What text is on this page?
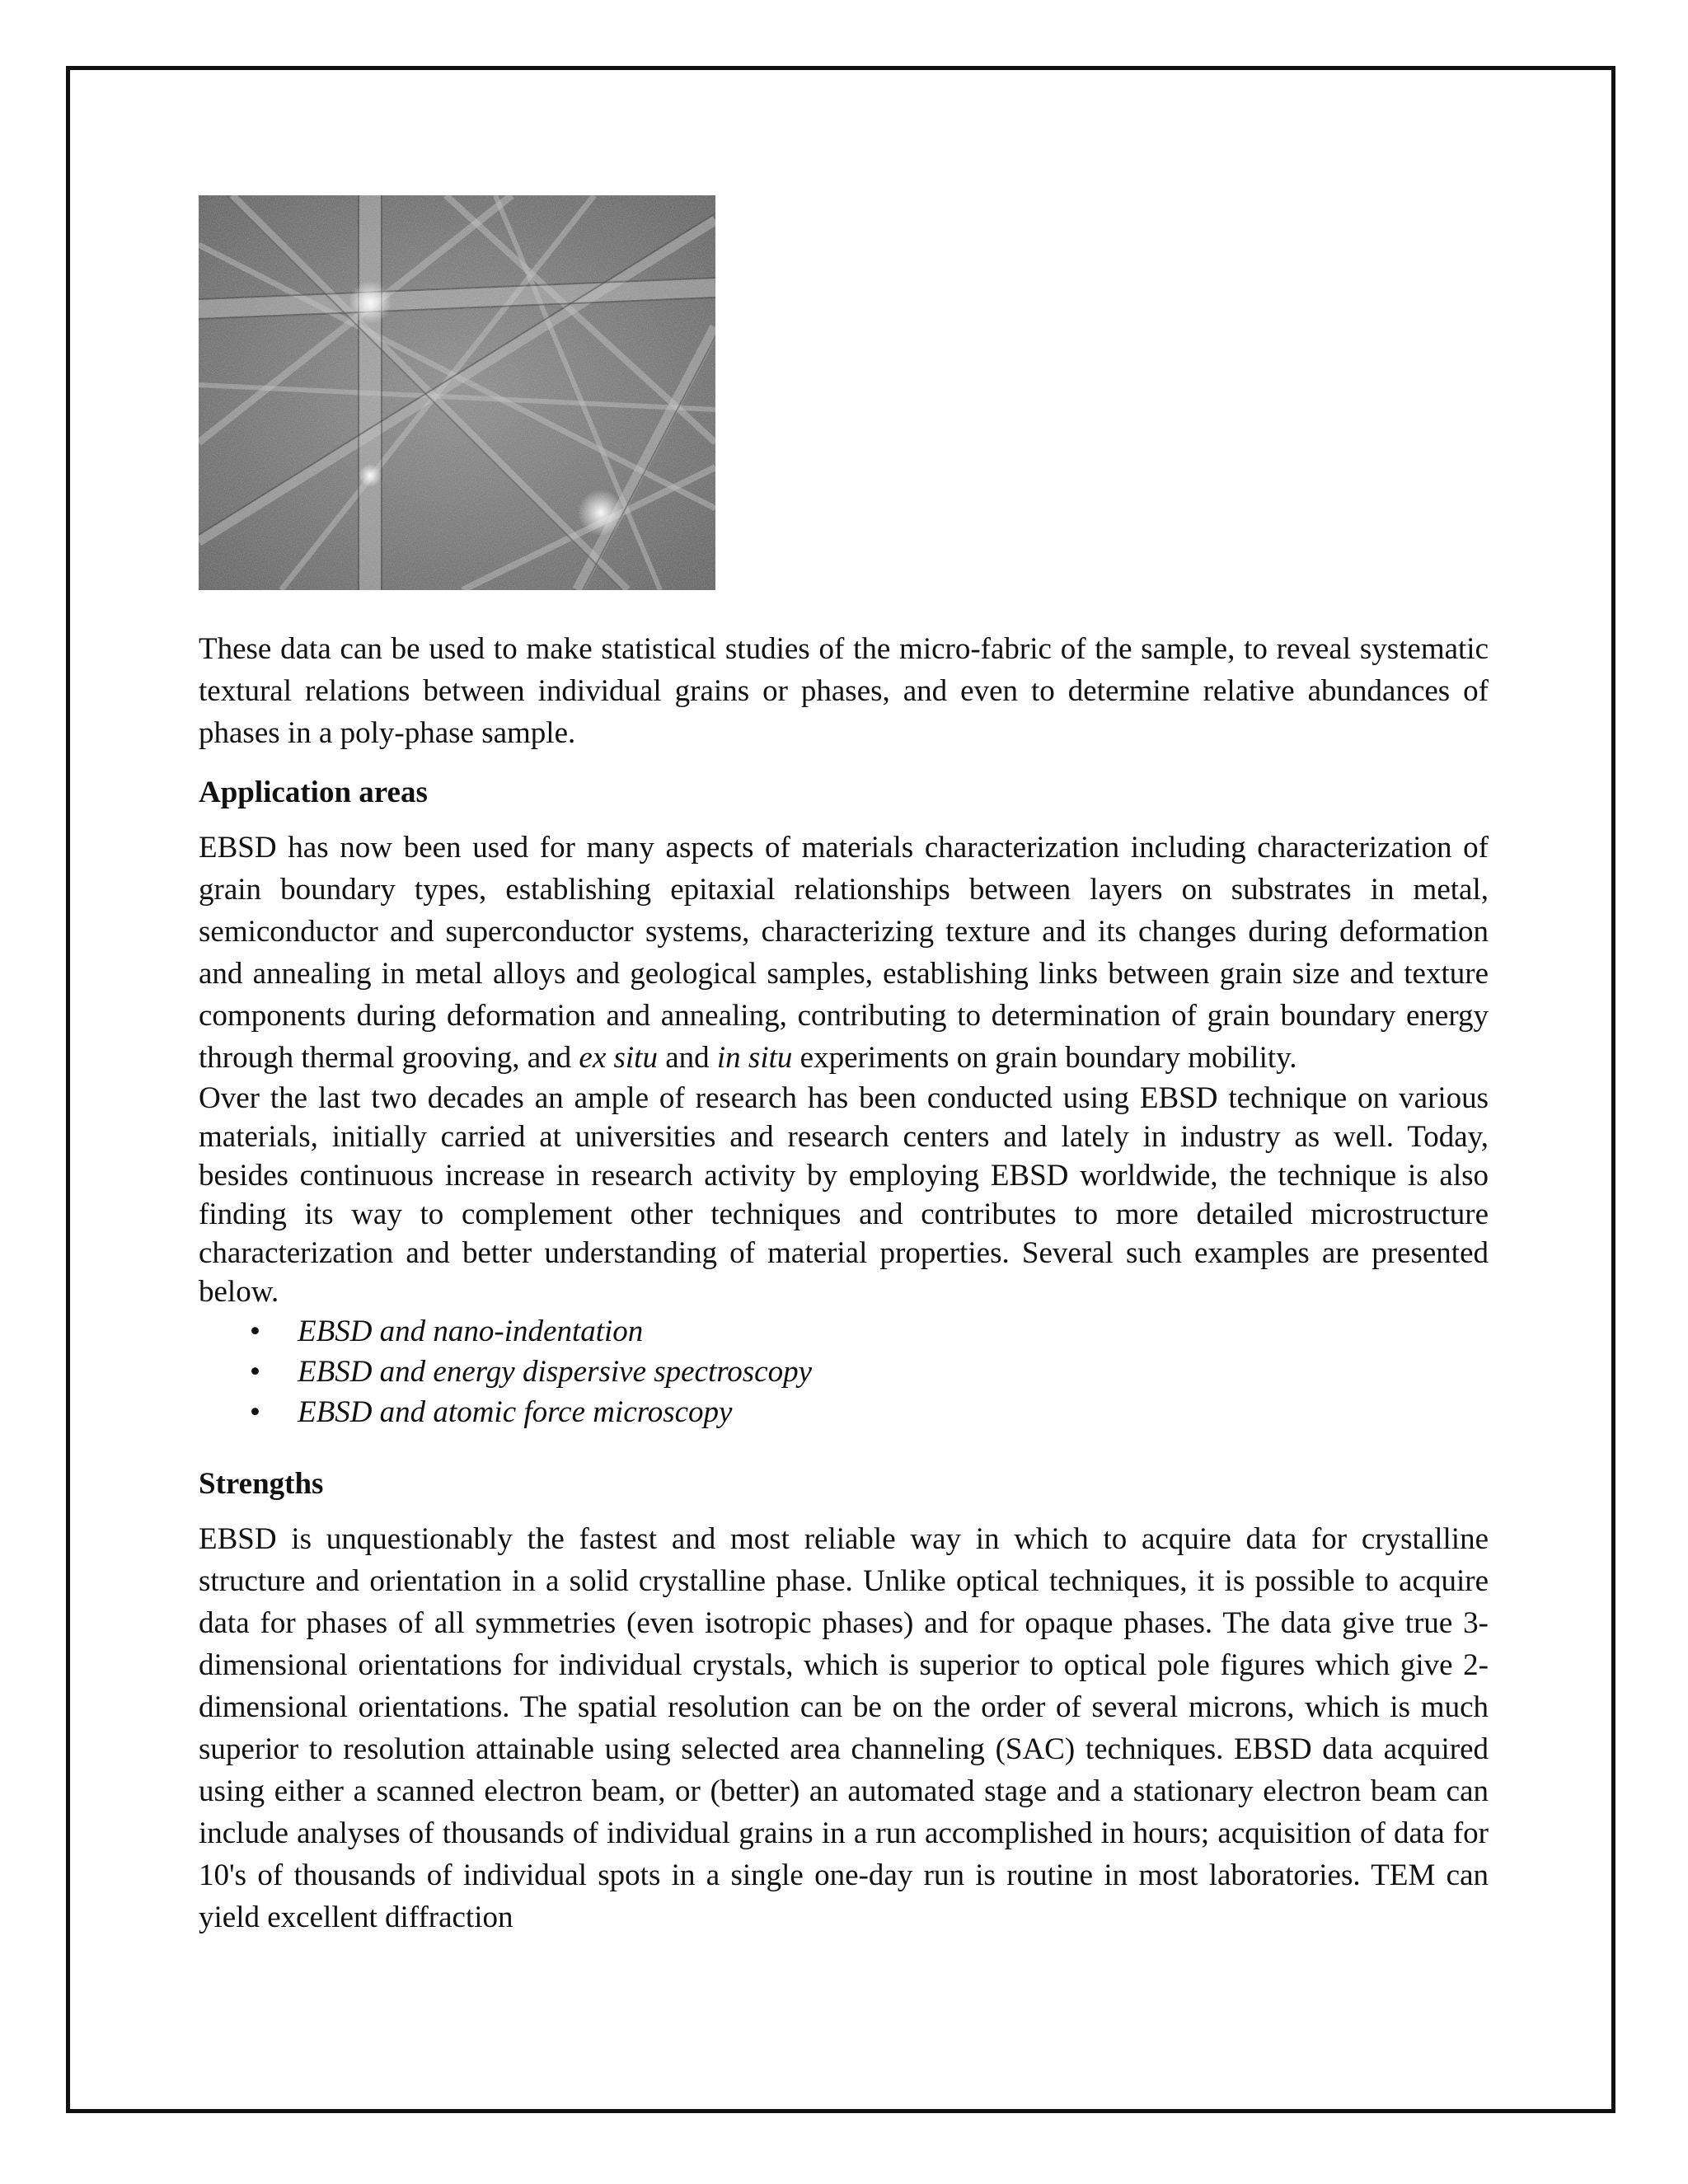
These data can be used to make statistical studies of the micro-fabric of the sample, to reveal systematic textural relations between individual grains or phases, and even to determine relative abundances of phases in a poly-phase sample.

Application areas

EBSD has now been used for many aspects of materials characterization including characterization of grain boundary types, establishing epitaxial relationships between layers on substrates in metal, semiconductor and superconductor systems, characterizing texture and its changes during deformation and annealing in metal alloys and geological samples, establishing links between grain size and texture components during deformation and annealing, contributing to determination of grain boundary energy through thermal grooving, and ex situ and in situ experiments on grain boundary mobility.

Over the last two decades an ample of research has been conducted using EBSD technique on various materials, initially carried at universities and research centers and lately in industry as well. Today, besides continuous increase in research activity by employing EBSD worldwide, the technique is also finding its way to complement other techniques and contributes to more detailed microstructure characterization and better understanding of material properties. Several such examples are presented below.

• EBSD and nano-indentation
• EBSD and energy dispersive spectroscopy
• EBSD and atomic force microscopy
Strengths

EBSD is unquestionably the fastest and most reliable way in which to acquire data for crystalline structure and orientation in a solid crystalline phase. Unlike optical techniques, it is possible to acquire data for phases of all symmetries (even isotropic phases) and for opaque phases. The data give true 3-dimensional orientations for individual crystals, which is superior to optical pole figures which give 2-dimensional orientations. The spatial resolution can be on the order of several microns, which is much superior to resolution attainable using selected area channeling (SAC) techniques. EBSD data acquired using either a scanned electron beam, or (better) an automated stage and a stationary electron beam can include analyses of thousands of individual grains in a run accomplished in hours; acquisition of data for 10's of thousands of individual spots in a single one-day run is routine in most laboratories. TEM can yield excellent diffraction
